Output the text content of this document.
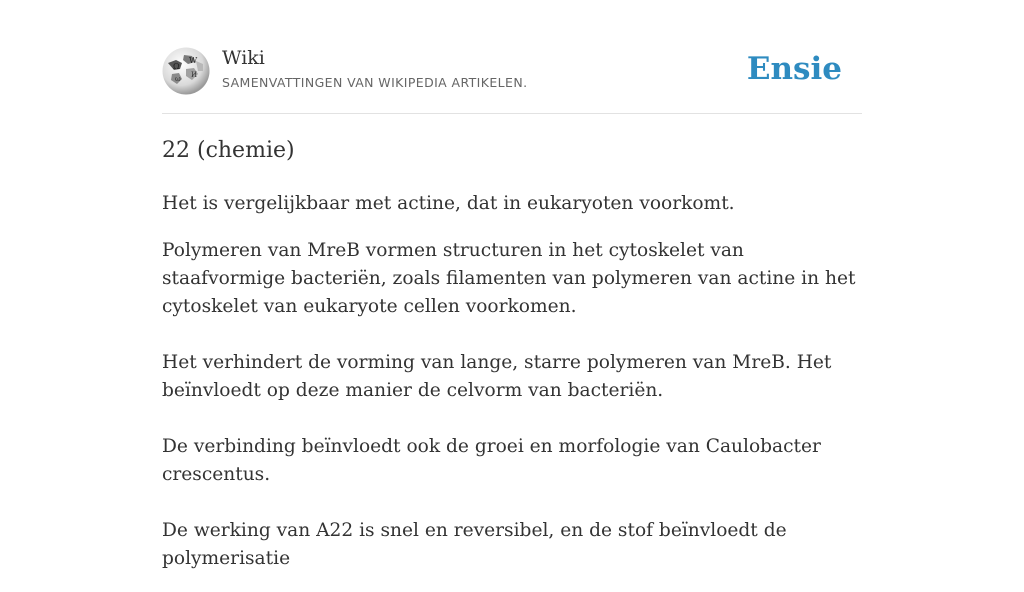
Ω
W
И
ω
Wiki
SAMENVATTINGEN VAN WIKIPEDIA ARTIKELEN.	Ensie
22 (chemie)

Het is vergelijkbaar met actine, dat in eukaryoten voorkomt.

Polymeren van MreB vormen structuren in het cytoskelet van staafvormige bacteriën, zoals filamenten van polymeren van actine in het cytoskelet van eukaryote cellen voorkomen.

Het verhindert de vorming van lange, starre polymeren van MreB. Het beïnvloedt op deze manier de celvorm van bacteriën.

De verbinding beïnvloedt ook de groei en morfologie van Caulobacter crescentus.

De werking van A22 is snel en reversibel, en de stof beïnvloedt de polymerisatie
